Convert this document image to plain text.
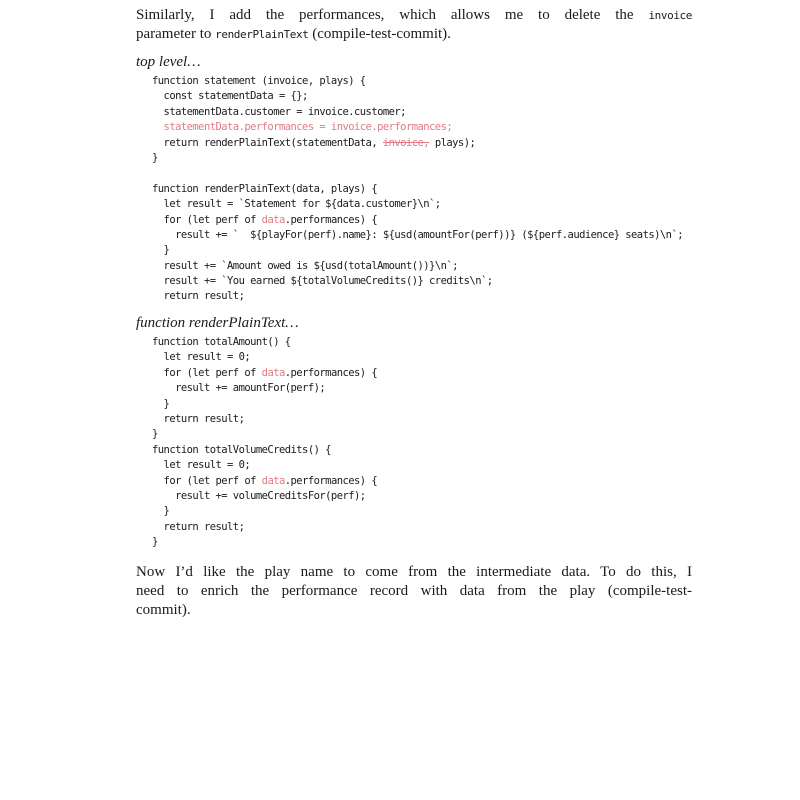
Similarly, I add the performances, which allows me to delete the invoice
parameter to renderPlainText (compile-test-commit).

top level…

function statement (invoice, plays) {
const statementData = {};
statementData.customer = invoice.customer;
statementData.performances = invoice.performances;
return renderPlainText(statementData, invoice, plays);
}
function renderPlainText(data, plays) {
let result = `Statement for ${data.customer}\n`;
for (let perf of data.performances) {
result += `  ${playFor(perf).name}: ${usd(amountFor(perf))} (${perf.audience} seats)\n`;
}
result += `Amount owed is ${usd(totalAmount())}\n`;
result += `You earned ${totalVolumeCredits()} credits\n`;
return result;

function renderPlainText…

function totalAmount() {
let result = 0;
for (let perf of data.performances) {
result += amountFor(perf);
}
return result;
}
function totalVolumeCredits() {
let result = 0;
for (let perf of data.performances) {
result += volumeCreditsFor(perf);
}
return result;
}

Now I’d like the play name to come from the intermediate data. To do this, I
need to enrich the performance record with data from the play (compile-test-
commit).
